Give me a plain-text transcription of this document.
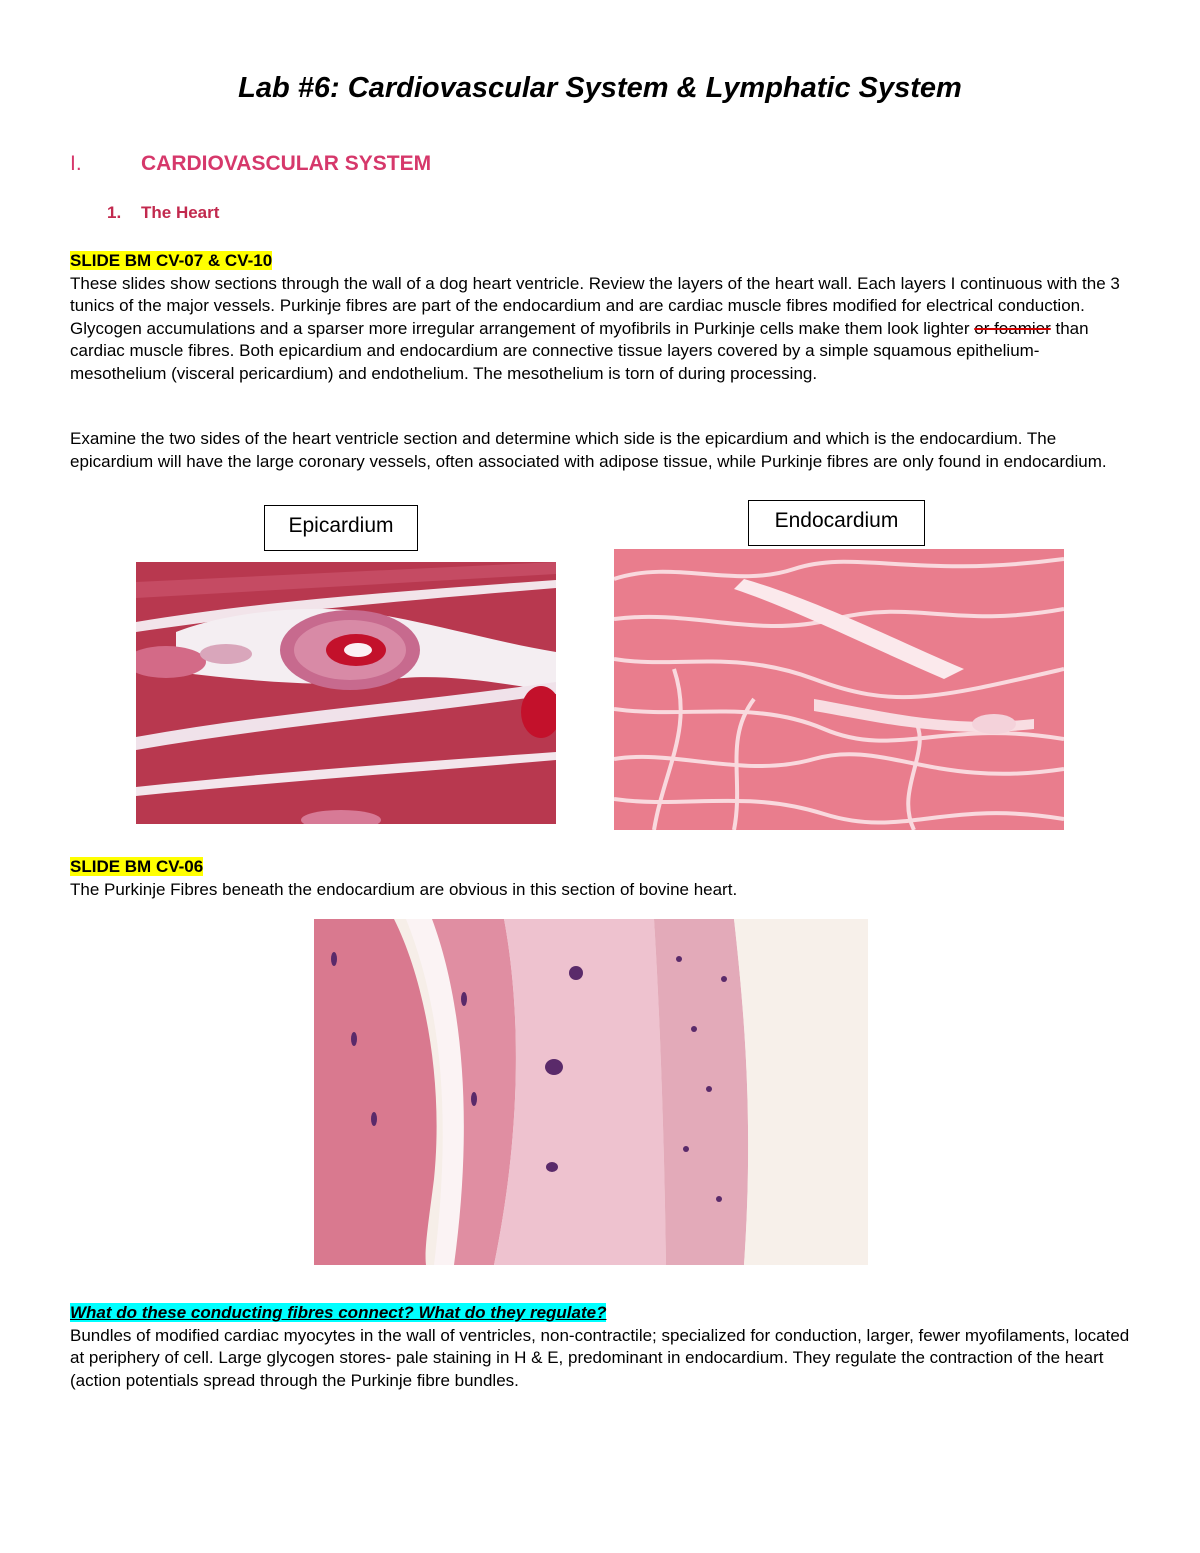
Lab #6: Cardiovascular System & Lymphatic System
I.	CARDIOVASCULAR SYSTEM
1. The Heart

SLIDE BM CV-07 & CV-10
These slides show sections through the wall of a dog heart ventricle. Review the layers of the heart wall. Each layers I continuous with the 3 tunics of the major vessels. Purkinje fibres are part of the endocardium and are cardiac muscle fibres modified for electrical conduction. Glycogen accumulations and a sparser more irregular arrangement of myofibrils in Purkinje cells make them look lighter or foamier than cardiac muscle fibres. Both epicardium and endocardium are connective tissue layers covered by a simple squamous epithelium- mesothelium (visceral pericardium) and endothelium. The mesothelium is torn of during processing.

Examine the two sides of the heart ventricle section and determine which side is the epicardium and which is the endocardium. The epicardium will have the large coronary vessels, often associated with adipose tissue, while Purkinje fibres are only found in endocardium.

Epicardium	Endocardium

SLIDE BM CV-06
The Purkinje Fibres beneath the endocardium are obvious in this section of bovine heart.

What do these conducting fibres connect? What do they regulate?
Bundles of modified cardiac myocytes in the wall of ventricles, non-contractile; specialized for conduction, larger, fewer myofilaments, located at periphery of cell. Large glycogen stores- pale staining in H & E, predominant in endocardium. They regulate the contraction of the heart (action potentials spread through the Purkinje fibre bundles.
